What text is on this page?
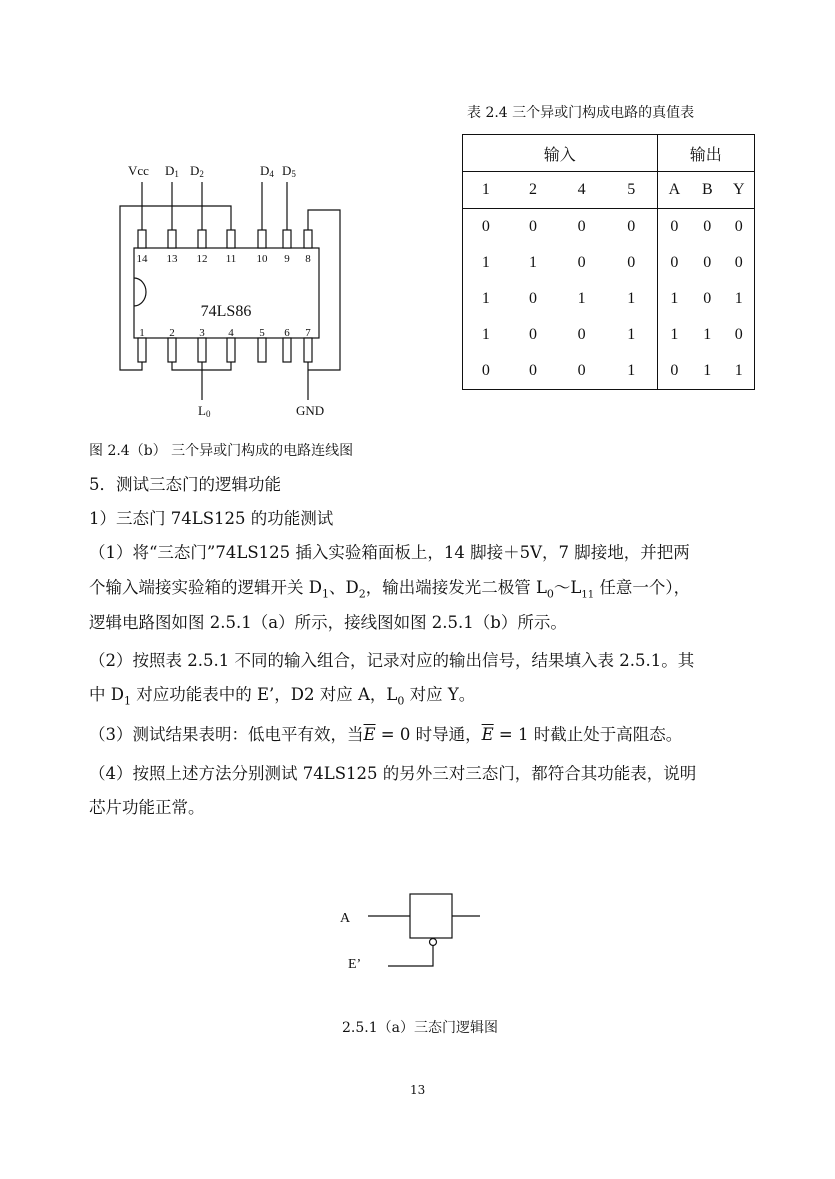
表 2.4 三个异或门构成电路的真值表
输入				输出		
1	2	4	5	A	B	Y
0	0	0	0	0	0	0
1	1	0	0	0	0	0
1	0	1	1	1	0	1
1	0	0	1	1	1	0
0	0	0	1	0	1	1
Vcc D1 D2	D4 D5
14 13 12 11 10 9 8
74LS86
1 2 3 4 5 6 7
L0	GND
图 2.4（b） 三个异或门构成的电路连线图
5．测试三态门的逻辑功能
1）三态门 74LS125 的功能测试
（1）将“三态门”74LS125 插入实验箱面板上，14 脚接＋5V，7 脚接地，并把两
个输入端接实验箱的逻辑开关 $D_1$、$D_2$，输出端接发光二极管 $L_0\sim L_{11}$ 任意一个），
逻辑电路图如图 2.5.1（a）所示，接线图如图 2.5.1（b）所示。
（2）按照表 2.5.1 不同的输入组合，记录对应的输出信号，结果填入表 2.5.1。其
中 $D_1$ 对应功能表中的 E’，D2 对应 A，$L_0$ 对应 Y。
（3）测试结果表明：低电平有效，当$\overline{E} = 0$ 时导通，$\overline{E} = 1$ 时截止处于高阻态。
（4）按照上述方法分别测试 74LS125 的另外三对三态门，都符合其功能表，说明
芯片功能正常。
A
E’
2.5.1（a）三态门逻辑图
13
